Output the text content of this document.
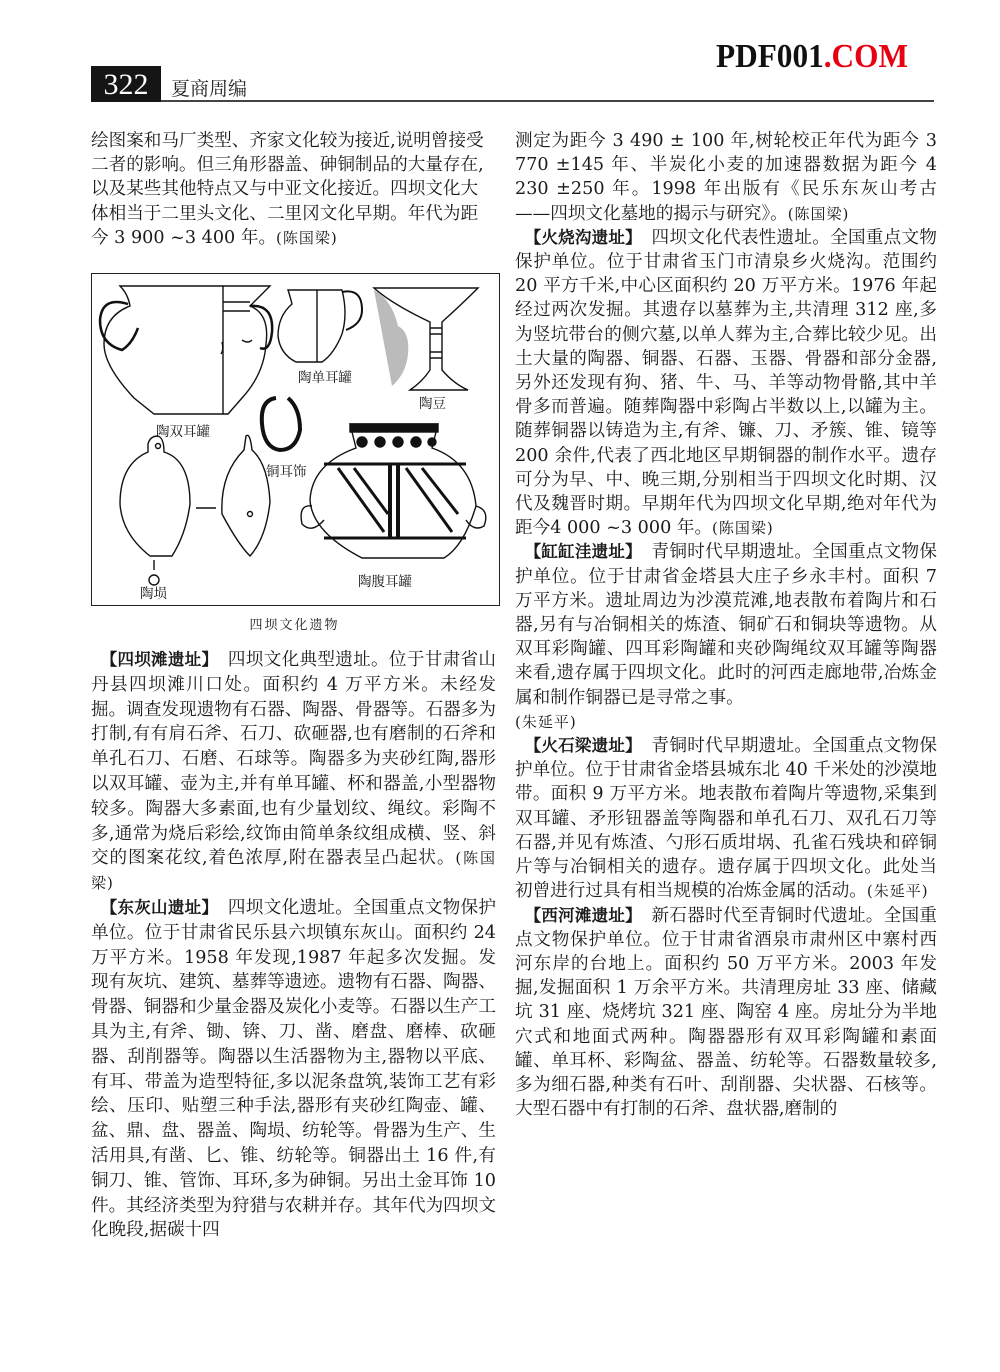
PDF001.COM
322	夏商周编
绘图案和马厂类型、齐家文化较为接近,说明曾接受
二者的影响。但三角形器盖、砷铜制品的大量存在,
以及某些其他特点又与中亚文化接近。四坝文化大
体相当于二里头文化、二里冈文化早期。年代为距
今 3 900 ~3 400 年。(陈国梁)
陶双耳罐
陶单耳罐
陶豆
铜耳饰
陶埙
陶腹耳罐
四坝文化遗物

　【四坝滩遗址】　 四坝文化典型遗址。位于甘肃省山丹县四坝滩川口处。面积约 4 万平方米。未经发掘。调查发现遗物有石器、陶器、骨器等。石器多为打制,有有肩石斧、石刀、砍砸器,也有磨制的石斧和单孔石刀、石磨、石球等。陶器多为夹砂红陶,器形以双耳罐、壶为主,并有单耳罐、杯和器盖,小型器物较多。陶器大多素面,也有少量划纹、绳纹。彩陶不多,通常为烧后彩绘,纹饰由简单条纹组成横、竖、斜交的图案花纹,着色浓厚,附在器表呈凸起状。(陈国梁)

　【东灰山遗址】　 四坝文化遗址。全国重点文物保护单位。位于甘肃省民乐县六坝镇东灰山。面积约 24 万平方米。1958 年发现,1987 年起多次发掘。发现有灰坑、建筑、墓葬等遗迹。遗物有石器、陶器、骨器、铜器和少量金器及炭化小麦等。石器以生产工具为主,有斧、锄、锛、刀、凿、磨盘、磨棒、砍砸器、刮削器等。陶器以生活器物为主,器物以平底、有耳、带盖为造型特征,多以泥条盘筑,装饰工艺有彩绘、压印、贴塑三种手法,器形有夹砂红陶壶、罐、盆、鼎、盘、器盖、陶埙、纺轮等。骨器为生产、生活用具,有凿、匕、锥、纺轮等。铜器出土 16 件,有铜刀、锥、管饰、耳环,多为砷铜。另出土金耳饰 10 件。其经济类型为狩猎与农耕并存。其年代为四坝文化晚段,据碳十四

测定为距今 3 490 ± 100 年,树轮校正年代为距今 3 770 ±145 年、半炭化小麦的加速器数据为距今 4 230 ±250 年。1998 年出版有《民乐东灰山考古——四坝文化墓地的揭示与研究》。(陈国梁)

　【火烧沟遗址】　 四坝文化代表性遗址。全国重点文物保护单位。位于甘肃省玉门市清泉乡火烧沟。范围约 20 平方千米,中心区面积约 20 万平方米。1976 年起经过两次发掘。其遗存以墓葬为主,共清理 312 座,多为竖坑带台的侧穴墓,以单人葬为主,合葬比较少见。出土大量的陶器、铜器、石器、玉器、骨器和部分金器,另外还发现有狗、猪、牛、马、羊等动物骨骼,其中羊骨多而普遍。随葬陶器中彩陶占半数以上,以罐为主。随葬铜器以铸造为主,有斧、镰、刀、矛簇、锥、镜等 200 余件,代表了西北地区早期铜器的制作水平。遗存可分为早、中、晚三期,分别相当于四坝文化时期、汉代及魏晋时期。早期年代为四坝文化早期,绝对年代为距今4 000 ~3 000 年。(陈国梁)

　【缸缸洼遗址】　 青铜时代早期遗址。全国重点文物保护单位。位于甘肃省金塔县大庄子乡永丰村。面积 7 万平方米。遗址周边为沙漠荒滩,地表散布着陶片和石器,另有与冶铜相关的炼渣、铜矿石和铜块等遗物。从双耳彩陶罐、四耳彩陶罐和夹砂陶绳纹双耳罐等陶器来看,遗存属于四坝文化。此时的河西走廊地带,冶炼金属和制作铜器已是寻常之事。
(朱延平)

　【火石梁遗址】　 青铜时代早期遗址。全国重点文物保护单位。位于甘肃省金塔县城东北 40 千米处的沙漠地带。面积 9 万平方米。地表散布着陶片等遗物,采集到双耳罐、矛形钮器盖等陶器和单孔石刀、双孔石刀等石器,并见有炼渣、勺形石质坩埚、孔雀石残块和碎铜片等与冶铜相关的遗存。遗存属于四坝文化。此处当初曾进行过具有相当规模的冶炼金属的活动。(朱延平)

　【西河滩遗址】　 新石器时代至青铜时代遗址。全国重点文物保护单位。位于甘肃省酒泉市肃州区中寨村西河东岸的台地上。面积约 50 万平方米。2003 年发掘,发掘面积 1 万余平方米。共清理房址 33 座、储藏坑 31 座、烧烤坑 321 座、陶窑 4 座。房址分为半地穴式和地面式两种。陶器器形有双耳彩陶罐和素面罐、单耳杯、彩陶盆、器盖、纺轮等。石器数量较多,多为细石器,种类有石叶、刮削器、尖状器、石核等。大型石器中有打制的石斧、盘状器,磨制的
